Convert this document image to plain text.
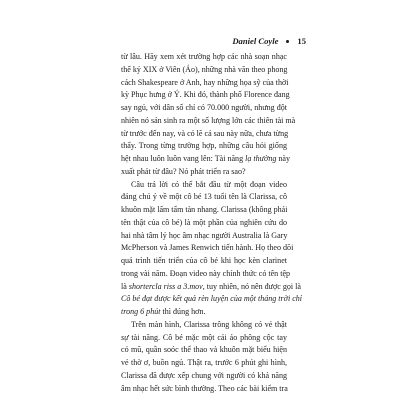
Daniel Coyle 15
từ lâu. Hãy xem xét trường hợp các nhà soạn nhạc
thế kỷ XIX ở Viên (Áo), những nhà văn theo phong
cách Shakespeare ở Anh, hay những họa sỹ của thời
kỳ Phục hưng ở Ý. Khi đó, thành phố Florence đang
say ngủ, với dân số chỉ có 70.000 người, nhưng đột
nhiên nó sản sinh ra một số lượng lớn các thiên tài mà
từ trước đến nay, và có lẽ cả sau này nữa, chưa từng
thấy. Trong từng trường hợp, những câu hỏi giống
hệt nhau luôn luôn vang lên: Tài năng lạ thường này
xuất phát từ đâu? Nó phát triển ra sao?
Câu trả lời có thể bắt đầu từ một đoạn video
đáng chú ý về một cô bé 13 tuổi tên là Clarissa, cô
khuôn mặt lấm tấm tàn nhang. Clarissa (không phải
tên thật của cô bé) là một phần của nghiên cứu do
hai nhà tâm lý học âm nhạc người Australia là Gary
McPherson và James Renwich tiến hành. Họ theo dõi
quá trình tiến triển của cô bé khi học kèn clarinet
trong vài năm. Đoạn video này chính thức có tên tệp
là shortercla riss a 3.mov, tuy nhiên, nó nên được gọi là
Cô bé đạt được kết quả rèn luyện của một tháng trời chỉ
trong 6 phút thì đúng hơn.
Trên màn hình, Clarissa trông không có vẻ thật
sự tài năng. Cô bé mặc một cái áo phông cộc tay
có mũ, quần soóc thể thao và khuôn mặt biểu hiện
vẻ thờ ơ, buồn ngủ. Thật ra, trước 6 phút ghi hình,
Clarissa đã được xếp chung với người có khả năng
âm nhạc hết sức bình thường. Theo các bài kiểm tra
